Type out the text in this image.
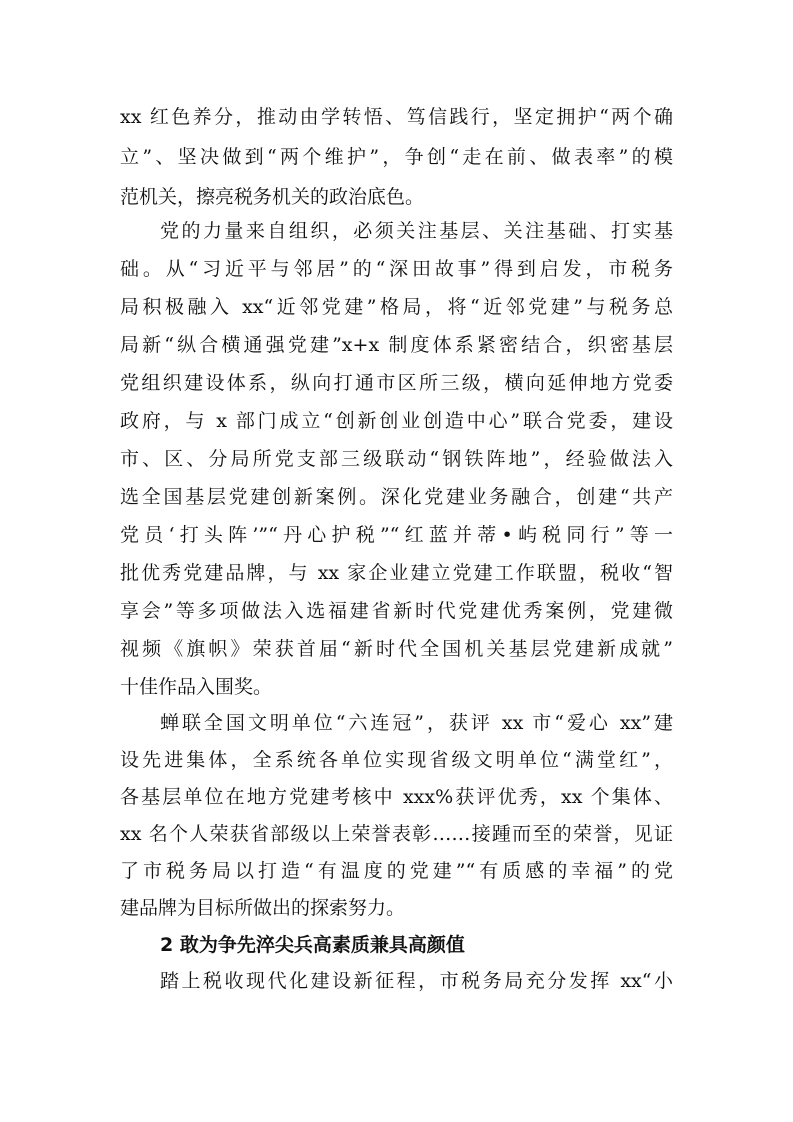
xx 红色养分，推动由学转悟、笃信践行，坚定拥护“两个确
立”、坚决做到“两个维护”，争创“走在前、做表率”的模
范机关，擦亮税务机关的政治底色。
党的力量来自组织，必须关注基层、关注基础、打实基
础。从“习近平与邻居”的“深田故事”得到启发，市税务
局积极融入 xx“近邻党建”格局，将“近邻党建”与税务总
局新“纵合横通强党建”x+x 制度体系紧密结合，织密基层
党组织建设体系，纵向打通市区所三级，横向延伸地方党委
政府，与 x 部门成立“创新创业创造中心”联合党委，建设
市、区、分局所党支部三级联动“钢铁阵地”，经验做法入
选全国基层党建创新案例。深化党建业务融合，创建“共产
党员‘打头阵’”“丹心护税”“红蓝并蒂•屿税同行”等一
批优秀党建品牌，与 xx 家企业建立党建工作联盟，税收“智
享会”等多项做法入选福建省新时代党建优秀案例，党建微
视频《旗帜》荣获首届“新时代全国机关基层党建新成就”
十佳作品入围奖。
蝉联全国文明单位“六连冠”，获评 xx 市“爱心 xx”建
设先进集体，全系统各单位实现省级文明单位“满堂红”，
各基层单位在地方党建考核中 xxx%获评优秀，xx 个集体、
xx 名个人荣获省部级以上荣誉表彰……接踵而至的荣誉，见证
了市税务局以打造“有温度的党建”“有质感的幸福”的党
建品牌为目标所做出的探索努力。
2 敢为争先淬尖兵高素质兼具高颜值
踏上税收现代化建设新征程，市税务局充分发挥 xx“小
